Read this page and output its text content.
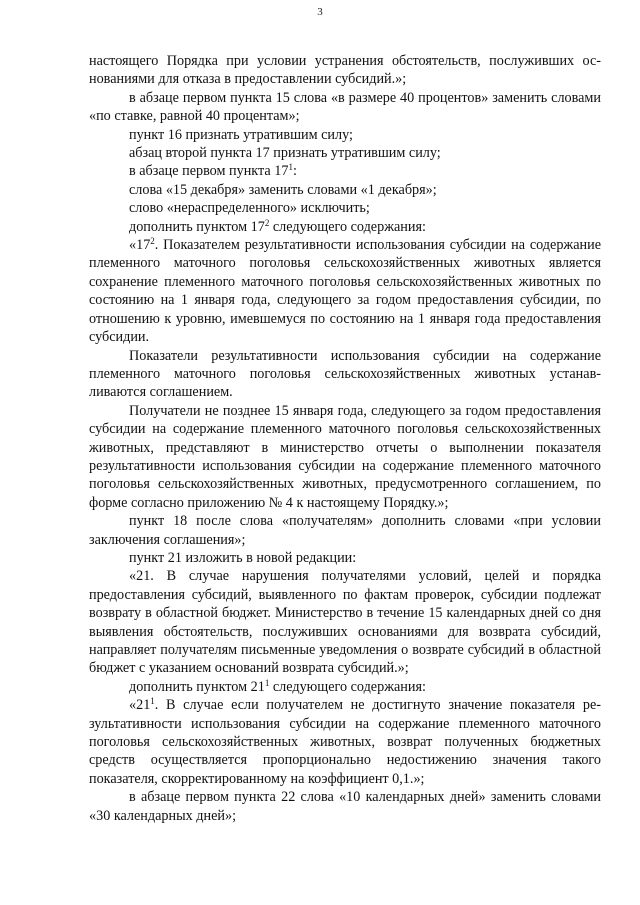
3

настоящего Порядка при условии устранения обстоятельств, послуживших основаниями для отказа в предоставлении субсидий.»;

в абзаце первом пункта 15 слова «в размере 40 процентов» заменить словами «по ставке, равной 40 процентам»;

пункт 16 признать утратившим силу;

абзац второй пункта 17 признать утратившим силу;

в абзаце первом пункта $17^1$:

слова «15 декабря» заменить словами «1 декабря»;

слово «нераспределенного» исключить;

дополнить пунктом $17^2$ следующего содержания:

«$17^2$. Показателем результативности использования субсидии на содержание племенного маточного поголовья сельскохозяйственных животных является сохранение племенного маточного поголовья сельскохозяйственных животных по состоянию на 1 января года, следующего за годом предоставления субсидии, по отношению к уровню, имевшемуся по состоянию на 1 января года предоставления субсидии.

Показатели результативности использования субсидии на содержание племенного маточного поголовья сельскохозяйственных животных устанавливаются соглашением.

Получатели не позднее 15 января года, следующего за годом предоставления субсидии на содержание племенного маточного поголовья сельскохозяйственных животных, представляют в министерство отчеты о выполнении показателя результативности использования субсидии на содержание племенного маточного поголовья сельскохозяйственных животных, предусмотренного соглашением, по форме согласно приложению № 4 к настоящему Порядку.»;

пункт 18 после слова «получателям» дополнить словами «при условии заключения соглашения»;

пункт 21 изложить в новой редакции:

«21. В случае нарушения получателями условий, целей и порядка предоставления субсидий, выявленного по фактам проверок, субсидии подлежат возврату в областной бюджет. Министерство в течение 15 календарных дней со дня выявления обстоятельств, послуживших основаниями для возврата субсидий, направляет получателям письменные уведомления о возврате субсидий в областной бюджет с указанием оснований возврата субсидий.»;

дополнить пунктом $21^1$ следующего содержания:

«$21^1$. В случае если получателем не достигнуто значение показателя результативности использования субсидии на содержание племенного маточного поголовья сельскохозяйственных животных, возврат полученных бюджетных средств осуществляется пропорционально недостижению значения такого показателя, скорректированному на коэффициент 0,1.»;

в абзаце первом пункта 22 слова «10 календарных дней» заменить словами «30 календарных дней»;
